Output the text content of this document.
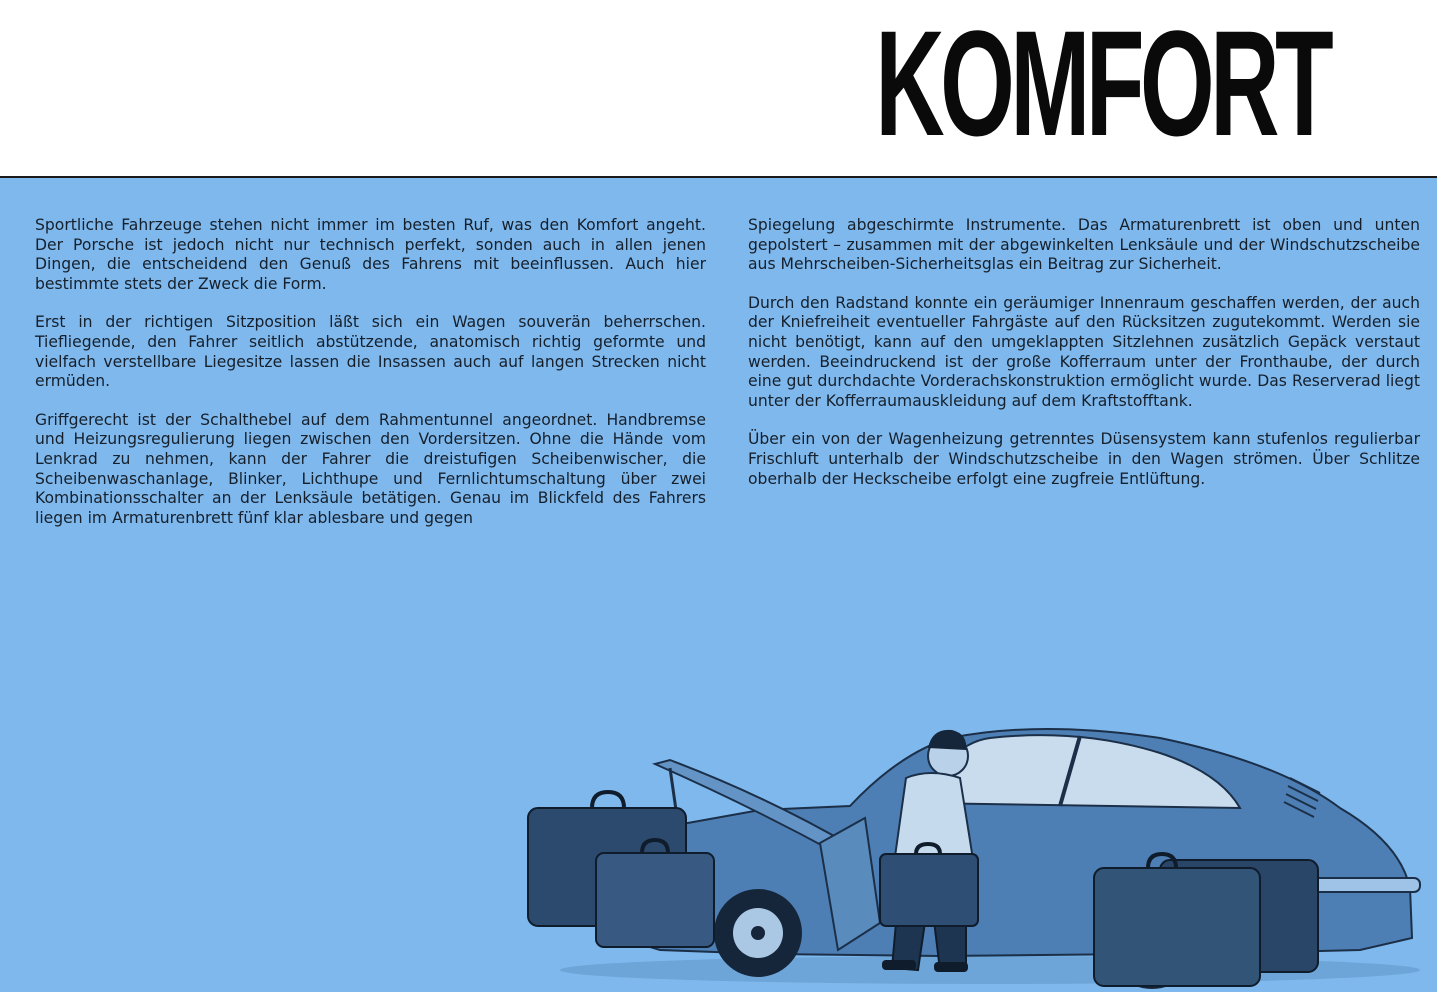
KOMFORT

Sportliche Fahrzeuge stehen nicht immer im besten Ruf, was den Komfort angeht. Der Porsche ist jedoch nicht nur technisch perfekt, sonden auch in allen jenen Dingen, die entscheidend den Genuß des Fahrens mit beeinflussen. Auch hier bestimmte stets der Zweck die Form.

Erst in der richtigen Sitzposition läßt sich ein Wagen souverän beherrschen. Tiefliegende, den Fahrer seitlich abstützende, anatomisch richtig geformte und vielfach verstellbare Liegesitze lassen die Insassen auch auf langen Strecken nicht ermüden.

Griffgerecht ist der Schalthebel auf dem Rahmentunnel angeordnet. Handbremse und Heizungsregulierung liegen zwischen den Vordersitzen. Ohne die Hände vom Lenkrad zu nehmen, kann der Fahrer die dreistufigen Scheibenwischer, die Scheibenwaschanlage, Blinker, Lichthupe und Fernlichtumschaltung über zwei Kombinationsschalter an der Lenksäule betätigen. Genau im Blickfeld des Fahrers liegen im Armaturenbrett fünf klar ablesbare und gegen

Spiegelung abgeschirmte Instrumente. Das Armaturenbrett ist oben und unten gepolstert – zusammen mit der abgewinkelten Lenksäule und der Windschutzscheibe aus Mehrscheiben-Sicherheitsglas ein Beitrag zur Sicherheit.

Durch den Radstand konnte ein geräumiger Innenraum geschaffen werden, der auch der Kniefreiheit eventueller Fahrgäste auf den Rücksitzen zugutekommt. Werden sie nicht benötigt, kann auf den umgeklappten Sitzlehnen zusätzlich Gepäck verstaut werden. Beeindruckend ist der große Kofferraum unter der Fronthaube, der durch eine gut durchdachte Vorderachskonstruktion ermöglicht wurde. Das Reserverad liegt unter der Kofferraumauskleidung auf dem Kraftstofftank.

Über ein von der Wagenheizung getrenntes Düsensystem kann stufenlos regulierbar Frischluft unterhalb der Windschutzscheibe in den Wagen strömen. Über Schlitze oberhalb der Heckscheibe erfolgt eine zugfreie Entlüftung.
